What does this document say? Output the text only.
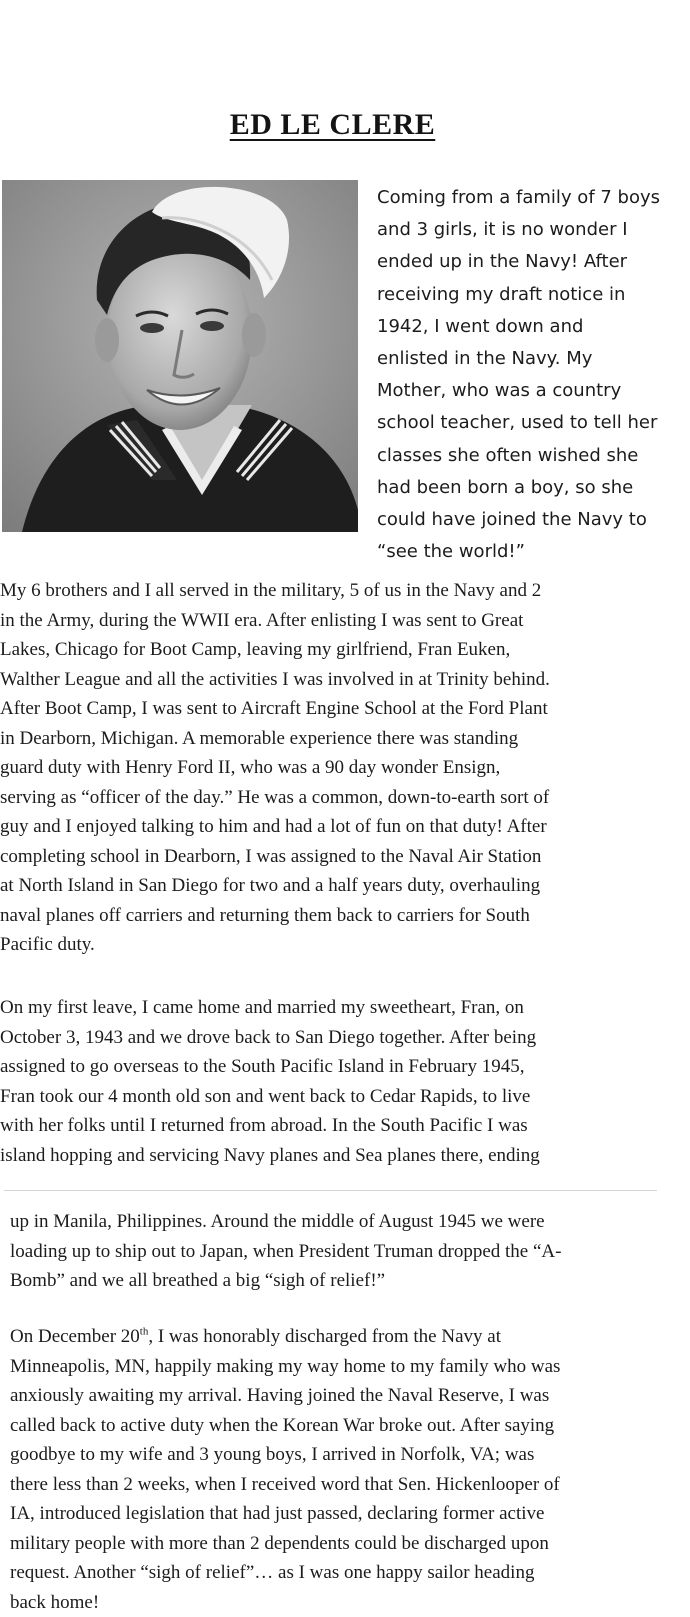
ED LE CLERE

Coming from a family of 7 boys
and 3 girls, it is no wonder I
ended up in the Navy! After
receiving my draft notice in
1942, I went down and
enlisted in the Navy. My
Mother, who was a country
school teacher, used to tell her
classes she often wished she
had been born a boy, so she
could have joined the Navy to
“see the world!”

My 6 brothers and I all served in the military, 5 of us in the Navy and 2
in the Army, during the WWII era. After enlisting I was sent to Great
Lakes, Chicago for Boot Camp, leaving my girlfriend, Fran Euken,
Walther League and all the activities I was involved in at Trinity behind.
After Boot Camp, I was sent to Aircraft Engine School at the Ford Plant
in Dearborn, Michigan. A memorable experience there was standing
guard duty with Henry Ford II, who was a 90 day wonder Ensign,
serving as “officer of the day.” He was a common, down-to-earth sort of
guy and I enjoyed talking to him and had a lot of fun on that duty! After
completing school in Dearborn, I was assigned to the Naval Air Station
at North Island in San Diego for two and a half years duty, overhauling
naval planes off carriers and returning them back to carriers for South
Pacific duty.

On my first leave, I came home and married my sweetheart, Fran, on
October 3, 1943 and we drove back to San Diego together. After being
assigned to go overseas to the South Pacific Island in February 1945,
Fran took our 4 month old son and went back to Cedar Rapids, to live
with her folks until I returned from abroad. In the South Pacific I was
island hopping and servicing Navy planes and Sea planes there, ending

up in Manila, Philippines. Around the middle of August 1945 we were
loading up to ship out to Japan, when President Truman dropped the “A-
Bomb” and we all breathed a big “sigh of relief!”

On December 20th, I was honorably discharged from the Navy at
Minneapolis, MN, happily making my way home to my family who was
anxiously awaiting my arrival. Having joined the Naval Reserve, I was
called back to active duty when the Korean War broke out. After saying
goodbye to my wife and 3 young boys, I arrived in Norfolk, VA; was
there less than 2 weeks, when I received word that Sen. Hickenlooper of
IA, introduced legislation that had just passed, declaring former active
military people with more than 2 dependents could be discharged upon
request. Another “sigh of relief”… as I was one happy sailor heading
back home!
